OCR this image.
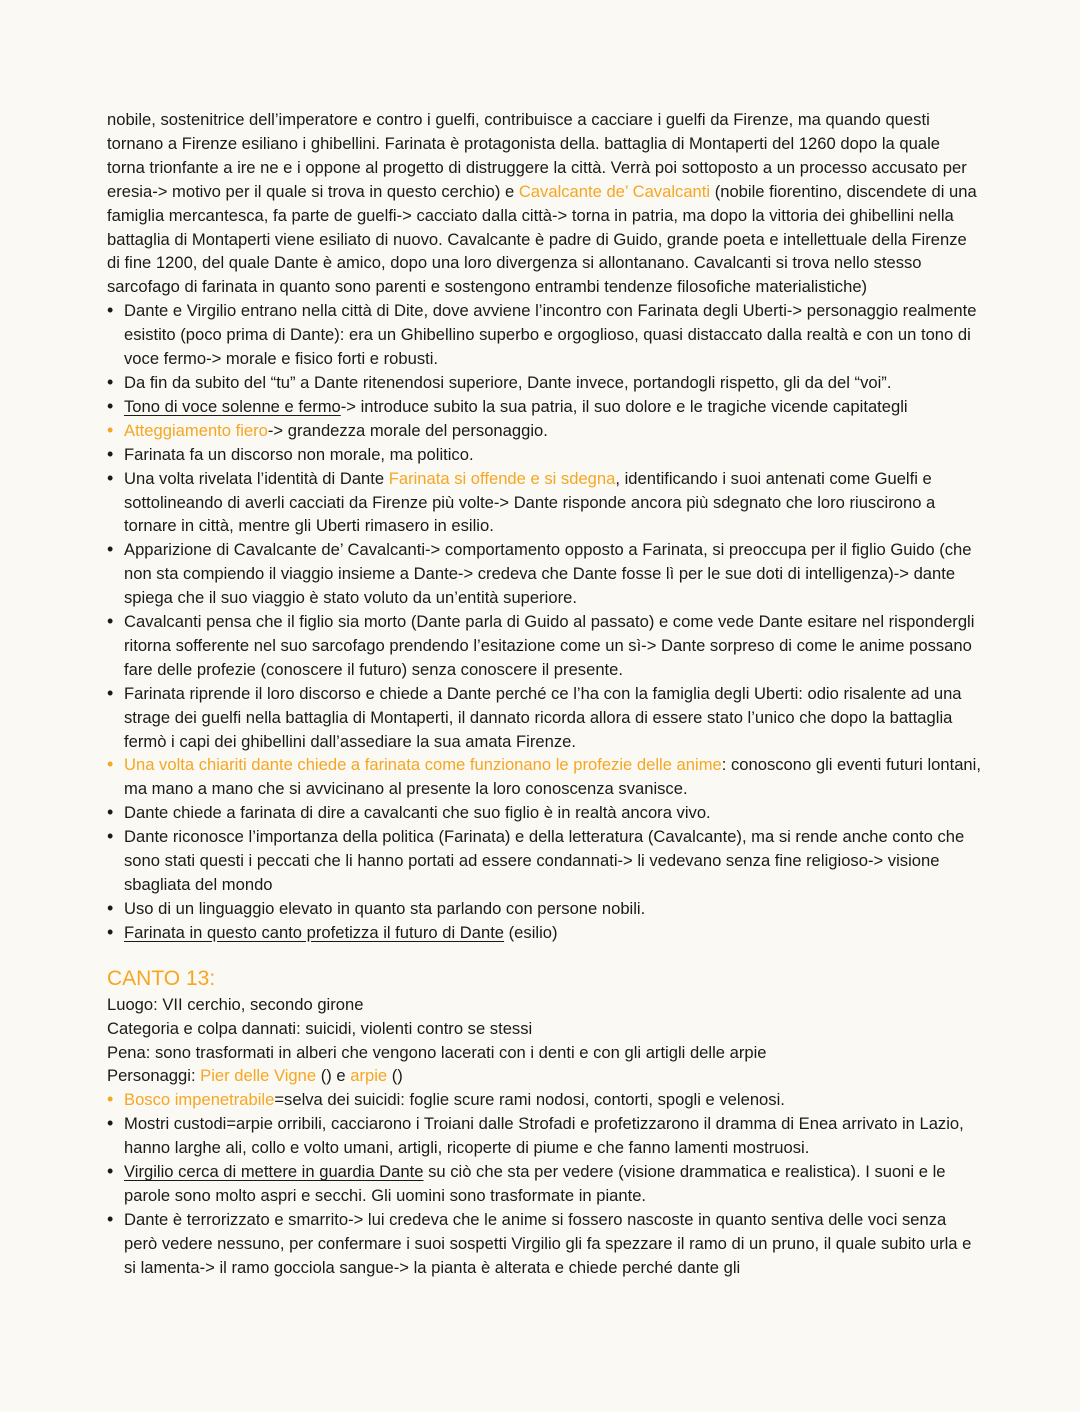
nobile, sostenitrice dell’imperatore e contro i guelfi, contribuisce a cacciare i guelfi da Firenze, ma quando questi tornano a Firenze esiliano i ghibellini. Farinata è protagonista della. battaglia di Montaperti del 1260 dopo la quale torna trionfante a ire ne e i oppone al progetto di distruggere la città. Verrà poi sottoposto a un processo accusato per eresia-> motivo per il quale si trova in questo cerchio) e Cavalcante de’ Cavalcanti (nobile fiorentino, discendete di una famiglia mercantesca, fa parte de guelfi-> cacciato dalla città-> torna in patria, ma dopo la vittoria dei ghibellini nella battaglia di Montaperti viene esiliato di nuovo. Cavalcante è padre di Guido, grande poeta e intellettuale della Firenze di fine 1200, del quale Dante è amico, dopo una loro divergenza si allontanano. Cavalcanti si trova nello stesso sarcofago di farinata in quanto sono parenti e sostengono entrambi tendenze filosofiche materialistiche)

• Dante e Virgilio entrano nella città di Dite, dove avviene l’incontro con Farinata degli Uberti-> personaggio realmente esistito (poco prima di Dante): era un Ghibellino superbo e orgoglioso, quasi distaccato dalla realtà e con un tono di voce fermo-> morale e fisico forti e robusti.
• Da fin da subito del “tu” a Dante ritenendosi superiore, Dante invece, portandogli rispetto, gli da del “voi”.
• Tono di voce solenne e fermo-> introduce subito la sua patria, il suo dolore e le tragiche vicende capitategli
• Atteggiamento fiero-> grandezza morale del personaggio.
• Farinata fa un discorso non morale, ma politico.
• Una volta rivelata l’identità di Dante Farinata si offende e si sdegna, identificando i suoi antenati come Guelfi e sottolineando di averli cacciati da Firenze più volte-> Dante risponde ancora più sdegnato che loro riuscirono a tornare in città, mentre gli Uberti rimasero in esilio.
• Apparizione di Cavalcante de’ Cavalcanti-> comportamento opposto a Farinata, si preoccupa per il figlio Guido (che non sta compiendo il viaggio insieme a Dante-> credeva che Dante fosse lì per le sue doti di intelligenza)-> dante spiega che il suo viaggio è stato voluto da un’entità superiore.
• Cavalcanti pensa che il figlio sia morto (Dante parla di Guido al passato) e come vede Dante esitare nel rispondergli ritorna sofferente nel suo sarcofago prendendo l’esitazione come un sì-> Dante sorpreso di come le anime possano fare delle profezie (conoscere il futuro) senza conoscere il presente.
• Farinata riprende il loro discorso e chiede a Dante perché ce l’ha con la famiglia degli Uberti: odio risalente ad una strage dei guelfi nella battaglia di Montaperti, il dannato ricorda allora di essere stato l’unico che dopo la battaglia fermò i capi dei ghibellini dall’assediare la sua amata Firenze.
• Una volta chiariti dante chiede a farinata come funzionano le profezie delle anime: conoscono gli eventi futuri lontani, ma mano a mano che si avvicinano al presente la loro conoscenza svanisce.
• Dante chiede a farinata di dire a cavalcanti che suo figlio è in realtà ancora vivo.
• Dante riconosce l’importanza della politica (Farinata) e della letteratura (Cavalcante), ma si rende anche conto che sono stati questi i peccati che li hanno portati ad essere condannati-> li vedevano senza fine religioso-> visione sbagliata del mondo
• Uso di un linguaggio elevato in quanto sta parlando con persone nobili.
• Farinata in questo canto profetizza il futuro di Dante (esilio)
CANTO 13:

Luogo: VII cerchio, secondo girone

Categoria e colpa dannati: suicidi, violenti contro se stessi

Pena: sono trasformati in alberi che vengono lacerati con i denti e con gli artigli delle arpie

Personaggi: Pier delle Vigne () e arpie ()

• Bosco impenetrabile=selva dei suicidi: foglie scure rami nodosi, contorti, spogli e velenosi.
• Mostri custodi=arpie orribili, cacciarono i Troiani dalle Strofadi e profetizzarono il dramma di Enea arrivato in Lazio, hanno larghe ali, collo e volto umani, artigli, ricoperte di piume e che fanno lamenti mostruosi.
• Virgilio cerca di mettere in guardia Dante su ciò che sta per vedere (visione drammatica e realistica). I suoni e le parole sono molto aspri e secchi. Gli uomini sono trasformate in piante.
• Dante è terrorizzato e smarrito-> lui credeva che le anime si fossero nascoste in quanto sentiva delle voci senza però vedere nessuno, per confermare i suoi sospetti Virgilio gli fa spezzare il ramo di un pruno, il quale subito urla e si lamenta-> il ramo gocciola sangue-> la pianta è alterata e chiede perché dante gli
